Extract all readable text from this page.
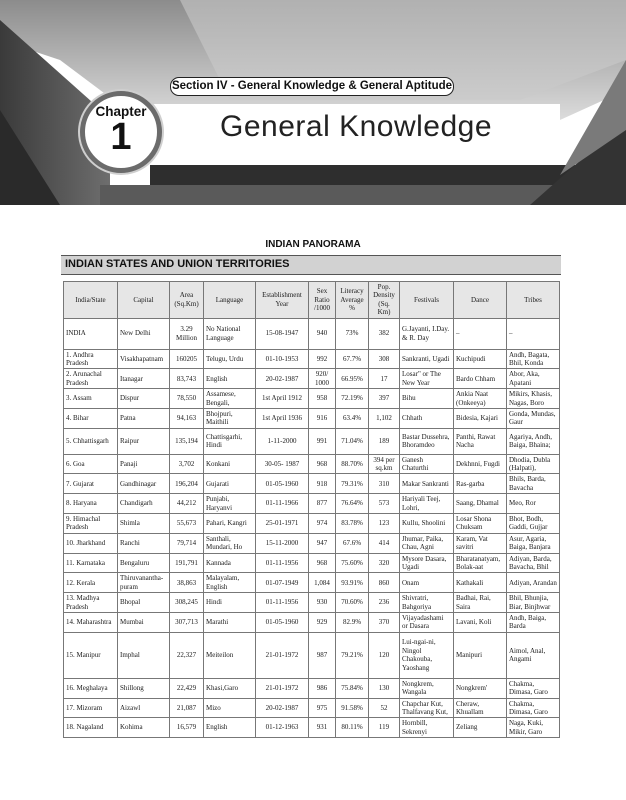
Section IV - General Knowledge & General Aptitude
Chapter
1	General Knowledge
INDIAN PANORAMA
INDIAN STATES AND UNION TERRITORIES
India/State	Capital	Area (Sq.Km)	Language	Establishment Year	Sex Ratio /1000	Literacy Average %	Pop. Density (Sq. Km)	Festivals	Dance	Tribes
INDIA	New Delhi	3.29 Million	No National Language	15-08-1947	940	73%	382	G.Jayanti, I.Day. & R. Day	–	–
1. Andhra Pradesh	Visakhapatnam	160205	Telugu, Urdu	01-10-1953	992	67.7%	308	Sankranti, Ugadi	Kuchipudi	Andh, Bagata, Bhil, Konda
2. Arunachal Pradesh	Itanagar	83,743	English	20-02-1987	920/ 1000	66.95%	17	Losar" or The New Year	Bardo Chham	Abor, Aka, Apatani
3. Assam	Dispur	78,550	Assamese, Bengali,	1st April 1912	958	72.19%	397	Bihu	Ankia Naat (Onkeeya)	Mikirs, Khasis, Nagas, Boro
4. Bihar	Patna	94,163	Bhojpuri, Maithili	1st April 1936	916	63.4%	1,102	Chhath	Bidesia, Kajari	Gonda, Mundas, Gaur
5. Chhattisgarh	Raipur	135,194	Chattisgarhi, Hindi	1-11-2000	991	71.04%	189	Bastar Dussehra, Bhoramdeo	Panthi, Rawat Nacha	Agariya, Andh, Baiga, Bhaina;
6. Goa	Panaji	3,702	Konkani	30-05- 1987	968	88.70%	394 per sq.km	Ganesh Chaturthi	Dekhnni, Fugdi	Dhodia, Dubla (Halpati),
7. Gujarat	Gandhinagar	196,204	Gujarati	01-05-1960	918	79.31%	310	Makar Sankranti	Ras-garba	Bhils, Barda, Bavacha
8. Haryana	Chandigarh	44,212	Punjabi, Haryanvi	01-11-1966	877	76.64%	573	Hariyali Teej, Lohri,	Saang, Dhamal	Meo, Ror
9. Himachal Pradesh	Shimla	55,673	Pahari, Kangri	25-01-1971	974	83.78%	123	Kullu, Shoolini	Losar Shona Chuksam	Bhot, Bodh, Gaddi, Gujjar
10. Jharkhand	Ranchi	79,714	Santhali, Mundari, Ho	15-11-2000	947	67.6%	414	Jhumar, Paika, Chau, Agni	Karam, Vat savitri	Asur, Agaria, Baiga, Banjara
11. Karnataka	Bengaluru	191,791	Kannada	01-11-1956	968	75.60%	320	Mysore Dasara, Ugadi	Bharatanatyam, Bolak-aat	Adiyan, Barda, Bavacha, Bhil
12. Kerala	Thiruvanantha-puram	38,863	Malayalam, English	01-07-1949	1,084	93.91%	860	Onam	Kathakali	Adiyan, Arandan
13. Madhya Pradesh	Bhopal	308,245	Hindi	01-11-1956	930	70.60%	236	Shivratri, Bahgoriya	Badhai, Rai, Saira	Bhil, Bhunjia, Biar, Binjhwar
14. Maharashtra	Mumbai	307,713	Marathi	01-05-1960	929	82.9%	370	Vijayadashami or Dasara	Lavani, Koli	Andh, Baiga, Barda
15. Manipur	Imphal	22,327	Meiteilon	21-01-1972	987	79.21%	120	Lui-ngai-ni, Ningol Chakouba, Yaoshang	Manipuri	Aimol, Anal, Angami
16. Meghalaya	Shillong	22,429	Khasi,Garo	21-01-1972	986	75.84%	130	Nongkrem, Wangala	Nongkrem'	Chakma, Dimasa, Garo
17. Mizoram	Aizawl	21,087	Mizo	20-02-1987	975	91.58%	52	Chapchar Kut, Thalfavang Kut,	Cheraw, Khuallam	Chakma, Dimasa, Garo
18. Nagaland	Kohima	16,579	English	01-12-1963	931	80.11%	119	Hornbill, Sekrenyi	Zeliang	Naga, Kuki, Mikir, Garo
